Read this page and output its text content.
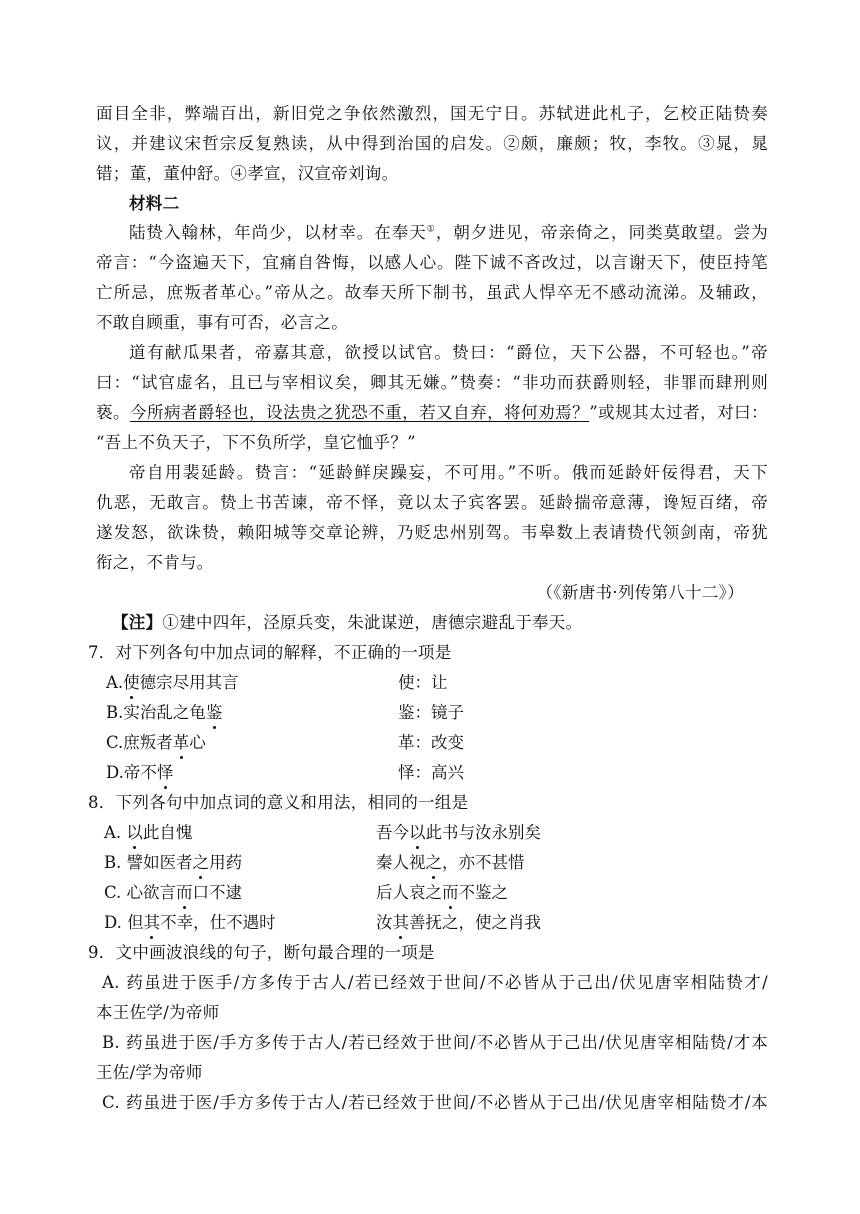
面目全非，弊端百出，新旧党之争依然激烈，国无宁日。苏轼进此札子，乞校正陆贽奏
议，并建议宋哲宗反复熟读，从中得到治国的启发。②颇，廉颇；牧，李牧。③晁，晁
错；董，董仲舒。④孝宣，汉宣帝刘询。
材料二
陆贽入翰林，年尚少，以材幸。在奉天①，朝夕进见，帝亲倚之，同类莫敢望。尝为
帝言：“今盗遍天下，宜痛自咎悔，以感人心。陛下诚不吝改过，以言谢天下，使臣持笔
亡所忌，庶叛者革心。”帝从之。故奉天所下制书，虽武人悍卒无不感动流涕。及辅政，
不敢自顾重，事有可否，必言之。
道有献瓜果者，帝嘉其意，欲授以试官。贽曰：“爵位，天下公器，不可轻也。”帝
曰：“试官虚名，且已与宰相议矣，卿其无嫌。”贽奏：“非功而获爵则轻，非罪而肆刑则
亵。今所病者爵轻也，设法贵之犹恐不重，若又自弃，将何劝焉？”或规其太过者，对曰：
“吾上不负天子，下不负所学，皇它恤乎？”
帝自用裴延龄。贽言：“延龄鲜戾躁妄，不可用。”不听。俄而延龄奸佞得君，天下
仇恶，无敢言。贽上书苦谏，帝不怿，竟以太子宾客罢。延龄揣帝意薄，谗短百绪，帝
遂发怒，欲诛贽，赖阳城等交章论辨，乃贬忠州别驾。韦皋数上表请贽代领剑南，帝犹
衔之，不肯与。
（《新唐书·列传第八十二》）
【注】①建中四年，泾原兵变，朱泚谋逆，唐德宗避乱于奉天。
7．对下列各句中加点词的解释，不正确的一项是
A.使德宗尽用其言	使：让
B.实治乱之龟鉴	鉴：镜子
C.庶叛者革心	革：改变
D.帝不怿	怿：高兴
8．下列各句中加点词的意义和用法，相同的一组是
A. 以此自愧	吾今以此书与汝永别矣
B. 譬如医者之用药	秦人视之，亦不甚惜
C. 心欲言而口不逮	后人哀之而不鉴之
D. 但其不幸，仕不遇时	汝其善抚之，使之肖我
9．文中画波浪线的句子，断句最合理的一项是
A. 药虽进于医手/方多传于古人/若已经效于世间/不必皆从于己出/伏见唐宰相陆贽才/
本王佐学/为帝师
B. 药虽进于医/手方多传于古人/若已经效于世间/不必皆从于己出/伏见唐宰相陆贽/才本
王佐/学为帝师
C. 药虽进于医/手方多传于古人/若已经效于世间/不必皆从于己出/伏见唐宰相陆贽才/本
